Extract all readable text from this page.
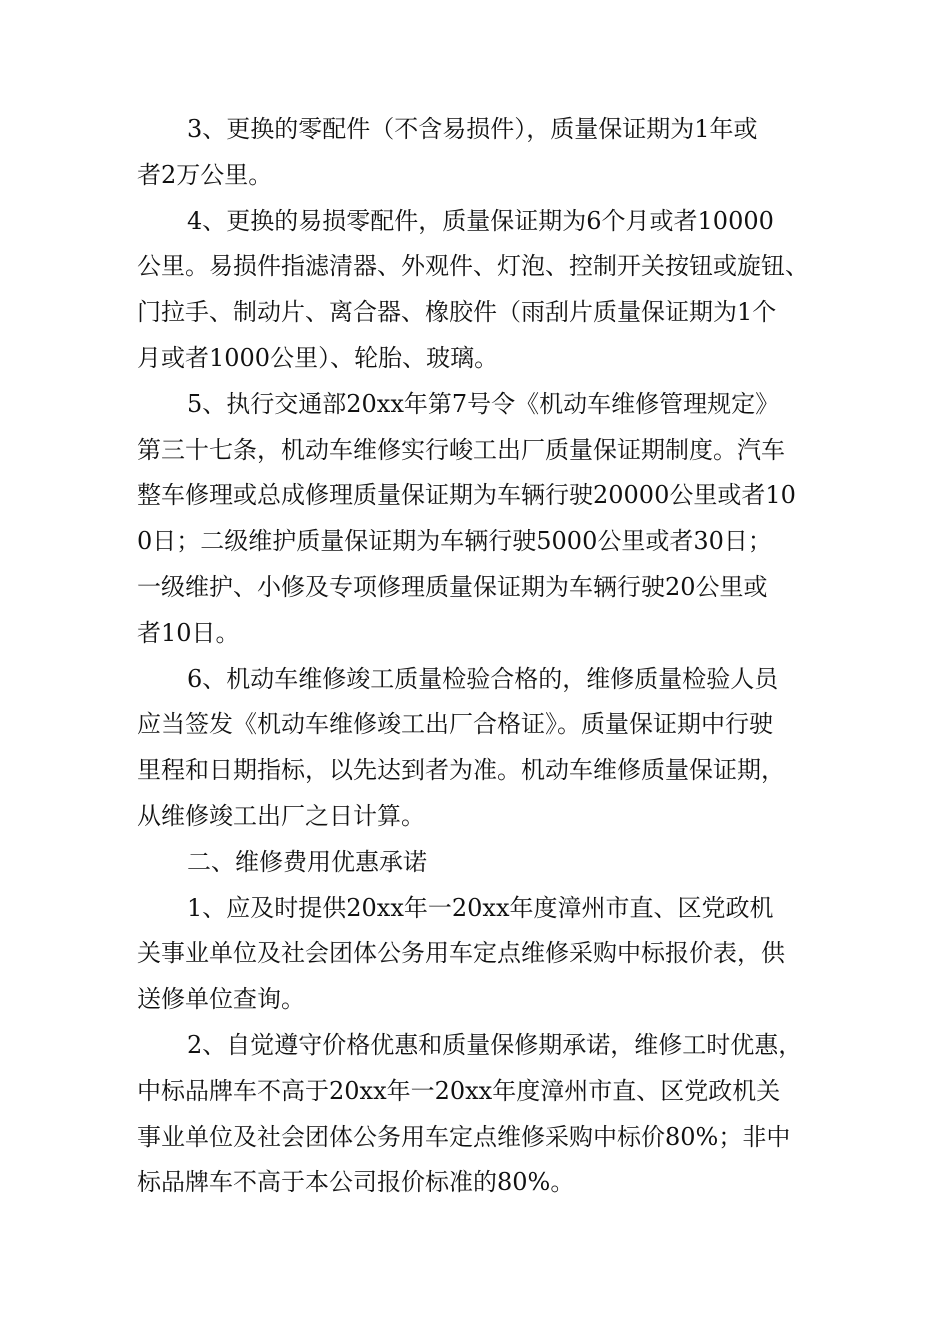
3、更换的零配件（不含易损件），质量保证期为1年或
者2万公里。
4、更换的易损零配件，质量保证期为6个月或者10000
公里。易损件指滤清器、外观件、灯泡、控制开关按钮或旋钮、
门拉手、制动片、离合器、橡胶件（雨刮片质量保证期为1个
月或者1000公里）、轮胎、玻璃。
5、执行交通部20xx年第7号令《机动车维修管理规定》
第三十七条，机动车维修实行峻工出厂质量保证期制度。汽车
整车修理或总成修理质量保证期为车辆行驶20000公里或者10
0日；二级维护质量保证期为车辆行驶5000公里或者30日；
一级维护、小修及专项修理质量保证期为车辆行驶20公里或
者10日。
6、机动车维修竣工质量检验合格的，维修质量检验人员
应当签发《机动车维修竣工出厂合格证》。质量保证期中行驶
里程和日期指标，以先达到者为准。机动车维修质量保证期，
从维修竣工出厂之日计算。
二、维修费用优惠承诺
1、应及时提供20xx年一20xx年度漳州市直、区党政机
关事业单位及社会团体公务用车定点维修采购中标报价表，供
送修单位查询。
2、自觉遵守价格优惠和质量保修期承诺，维修工时优惠，
中标品牌车不高于20xx年一20xx年度漳州市直、区党政机关
事业单位及社会团体公务用车定点维修采购中标价80%；非中
标品牌车不高于本公司报价标准的80%。
